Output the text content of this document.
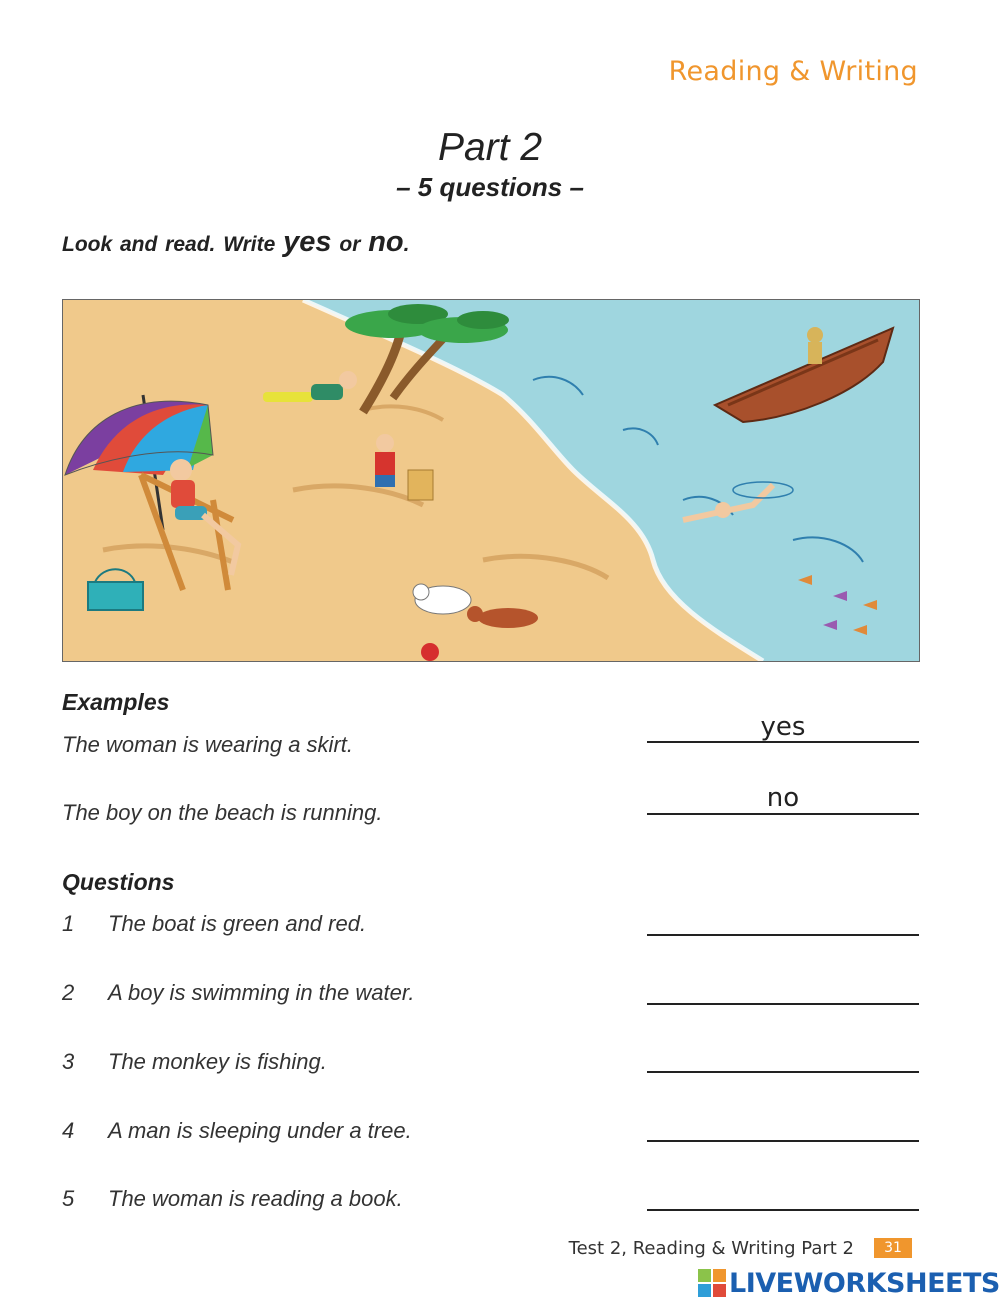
Reading & Writing
Part 2
– 5 questions –
Look and read. Write yes or no.
Examples
The woman is wearing a skirt.
yes
The boy on the beach is running.	no
Questions
1 The boat is green and red.
2 A boy is swimming in the water.
3 The monkey is fishing.
4 A man is sleeping under a tree.
5 The woman is reading a book.
Test 2, Reading & Writing Part 2	31
LIVEWORKSHEETS
